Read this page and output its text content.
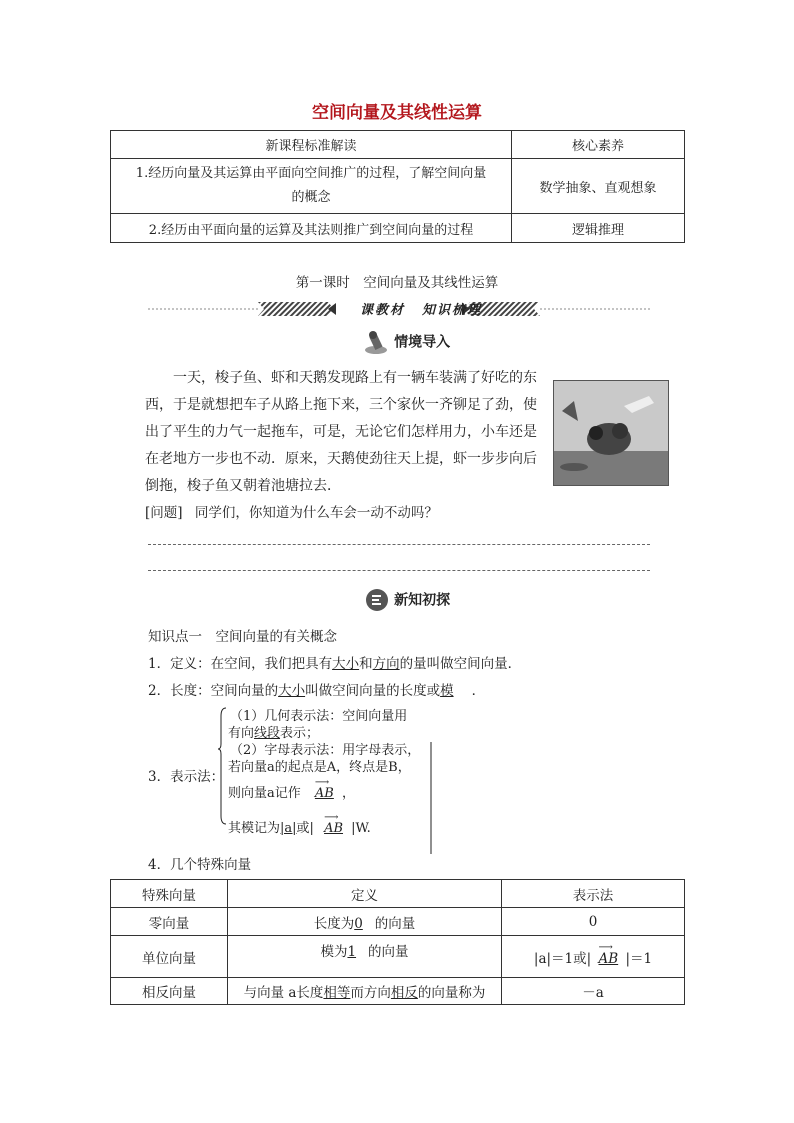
空间向量及其线性运算
新课程标准解读	核心素养

1.经历向量及其运算由平面向空间推广的过程，了解空间向量
的概念	数学抽象、直观想象
2.经历由平面向量的运算及其法则推广到空间向量的过程	逻辑推理
第一课时　空间向量及其线性运算
课教材	知识梳理
情境导入
一天，梭子鱼、虾和天鹅发现路上有一辆车装满了好吃的东西，于是就想把车子从路上拖下来，三个家伙一齐铆足了劲，使出了平生的力气一起拖车，可是，无论它们怎样用力，小车还是在老地方一步也不动．原来，天鹅使劲往天上提，虾一步步向后倒拖，梭子鱼又朝着池塘拉去．
[问题] 同学们，你知道为什么车会一动不动吗？
新知初探
知识点一　空间向量的有关概念
1．定义：在空间，我们把具有大小和方向的量叫做空间向量．
2．长度：空间向量的大小叫做空间向量的长度或模 ．
3．表示法：
（1）几何表示法：空间向量用
有向线段表示；
（2）字母表示法：用字母表示，
若向量a的起点是A，终点是B，
则向量a记作
⟶
AB ，
其模记为|a|或|
⟶
AB |W.
4．几个特殊向量
特殊向量	定义	表示法
零向量	长度为0 的向量	0
单位向量	模为1 的向量	|a|＝1或|
⟶
AB |＝1
相反向量	与向量 a长度相等而方向相反的向量称为	－a
